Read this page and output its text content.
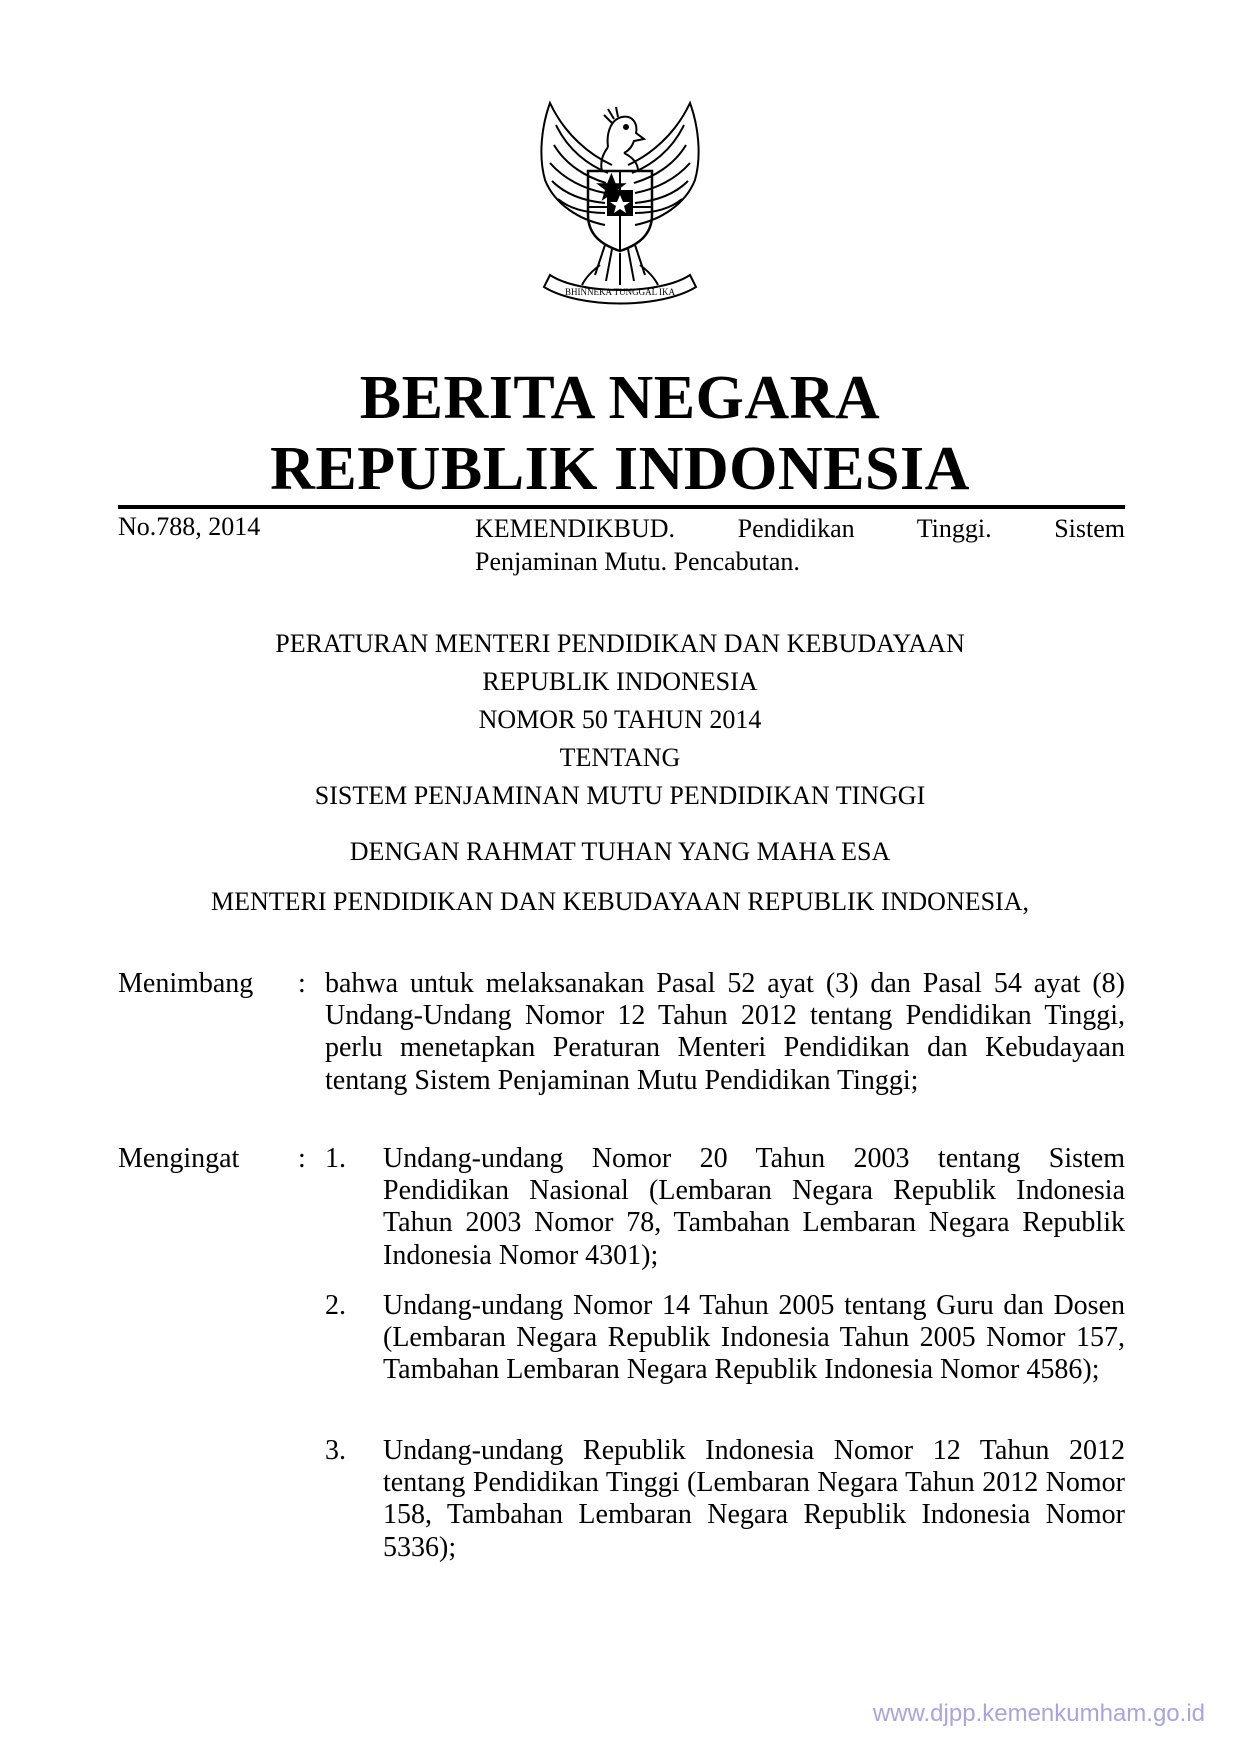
BHINNEKA TUNGGAL IKA
BERITA NEGARA
REPUBLIK INDONESIA
No.788, 2014	KEMENDIKBUD. Pendidikan Tinggi. Sistem
Penjaminan Mutu. Pencabutan.
PERATURAN MENTERI PENDIDIKAN DAN KEBUDAYAAN
REPUBLIK INDONESIA
NOMOR 50 TAHUN 2014
TENTANG
SISTEM PENJAMINAN MUTU PENDIDIKAN TINGGI
DENGAN RAHMAT TUHAN YANG MAHA ESA
MENTERI PENDIDIKAN DAN KEBUDAYAAN REPUBLIK INDONESIA,
Menimbang : bahwa untuk melaksanakan Pasal 52 ayat (3) dan Pasal 54 ayat (8) Undang-Undang Nomor 12 Tahun 2012 tentang Pendidikan Tinggi, perlu menetapkan Peraturan Menteri Pendidikan dan Kebudayaan tentang Sistem Penjaminan Mutu Pendidikan Tinggi;
Mengingat : 1. Undang-undang Nomor 20 Tahun 2003 tentang Sistem Pendidikan Nasional (Lembaran Negara Republik Indonesia Tahun 2003 Nomor 78, Tambahan Lembaran Negara Republik Indonesia Nomor 4301);
2. Undang-undang Nomor 14 Tahun 2005 tentang Guru dan Dosen (Lembaran Negara Republik Indonesia Tahun 2005 Nomor 157, Tambahan Lembaran Negara Republik Indonesia Nomor 4586);
3. Undang-undang Republik Indonesia Nomor 12 Tahun 2012 tentang Pendidikan Tinggi (Lembaran Negara Tahun 2012 Nomor 158, Tambahan Lembaran Negara Republik Indonesia Nomor 5336);
www.djpp.kemenkumham.go.id
